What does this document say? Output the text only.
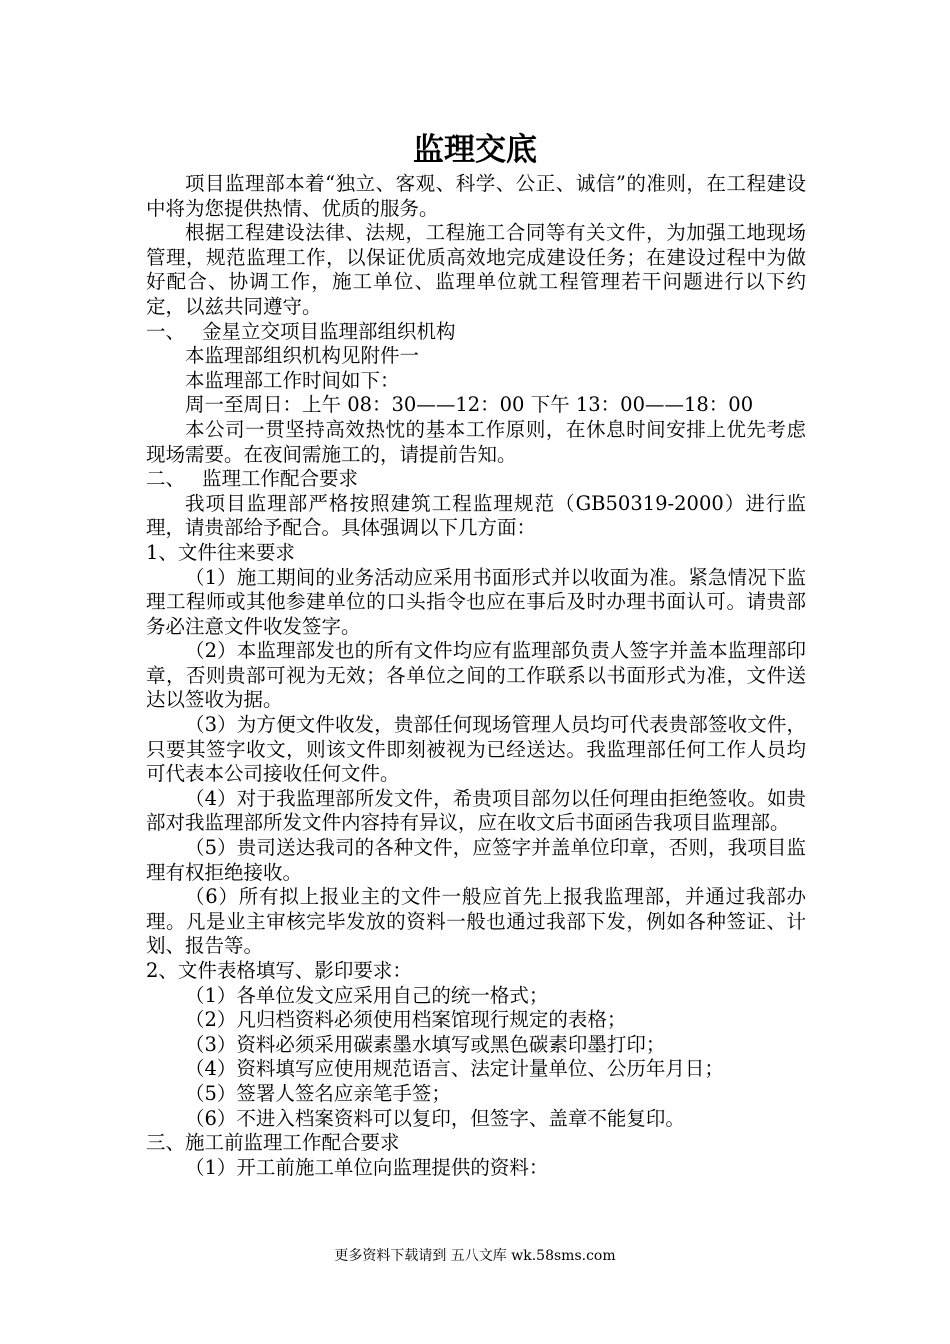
监理交底

项目监理部本着“独立、客观、科学、公正、诚信”的准则，在工程建设中将为您提供热情、优质的服务。

根据工程建设法律、法规，工程施工合同等有关文件，为加强工地现场管理，规范监理工作，以保证优质高效地完成建设任务；在建设过程中为做好配合、协调工作，施工单位、监理单位就工程管理若干问题进行以下约定，以兹共同遵守。

一、 金星立交项目监理部组织机构

本监理部组织机构见附件一

本监理部工作时间如下：

周一至周日：上午 08：30——12：00 下午 13：00——18：00

本公司一贯坚持高效热忱的基本工作原则，在休息时间安排上优先考虑现场需要。在夜间需施工的，请提前告知。

二、 监理工作配合要求

我项目监理部严格按照建筑工程监理规范（GB50319-2000）进行监理，请贵部给予配合。具体强调以下几方面：

1、文件往来要求

（1）施工期间的业务活动应采用书面形式并以收面为准。紧急情况下监理工程师或其他参建单位的口头指令也应在事后及时办理书面认可。请贵部务必注意文件收发签字。

（2）本监理部发也的所有文件均应有监理部负责人签字并盖本监理部印章，否则贵部可视为无效；各单位之间的工作联系以书面形式为准，文件送达以签收为据。

（3）为方便文件收发，贵部任何现场管理人员均可代表贵部签收文件，只要其签字收文，则该文件即刻被视为已经送达。我监理部任何工作人员均可代表本公司接收任何文件。

（4）对于我监理部所发文件，希贵项目部勿以任何理由拒绝签收。如贵部对我监理部所发文件内容持有异议，应在收文后书面函告我项目监理部。

（5）贵司送达我司的各种文件，应签字并盖单位印章，否则，我项目监理有权拒绝接收。

（6）所有拟上报业主的文件一般应首先上报我监理部，并通过我部办理。凡是业主审核完毕发放的资料一般也通过我部下发，例如各种签证、计划、报告等。

2、文件表格填写、影印要求：

（1）各单位发文应采用自己的统一格式；

（2）凡归档资料必须使用档案馆现行规定的表格；

（3）资料必须采用碳素墨水填写或黑色碳素印墨打印；

（4）资料填写应使用规范语言、法定计量单位、公历年月日；

（5）签署人签名应亲笔手签；

（6）不进入档案资料可以复印，但签字、盖章不能复印。

三、施工前监理工作配合要求

（1）开工前施工单位向监理提供的资料：

更多资料下载请到 五八文库 wk.58sms.com
